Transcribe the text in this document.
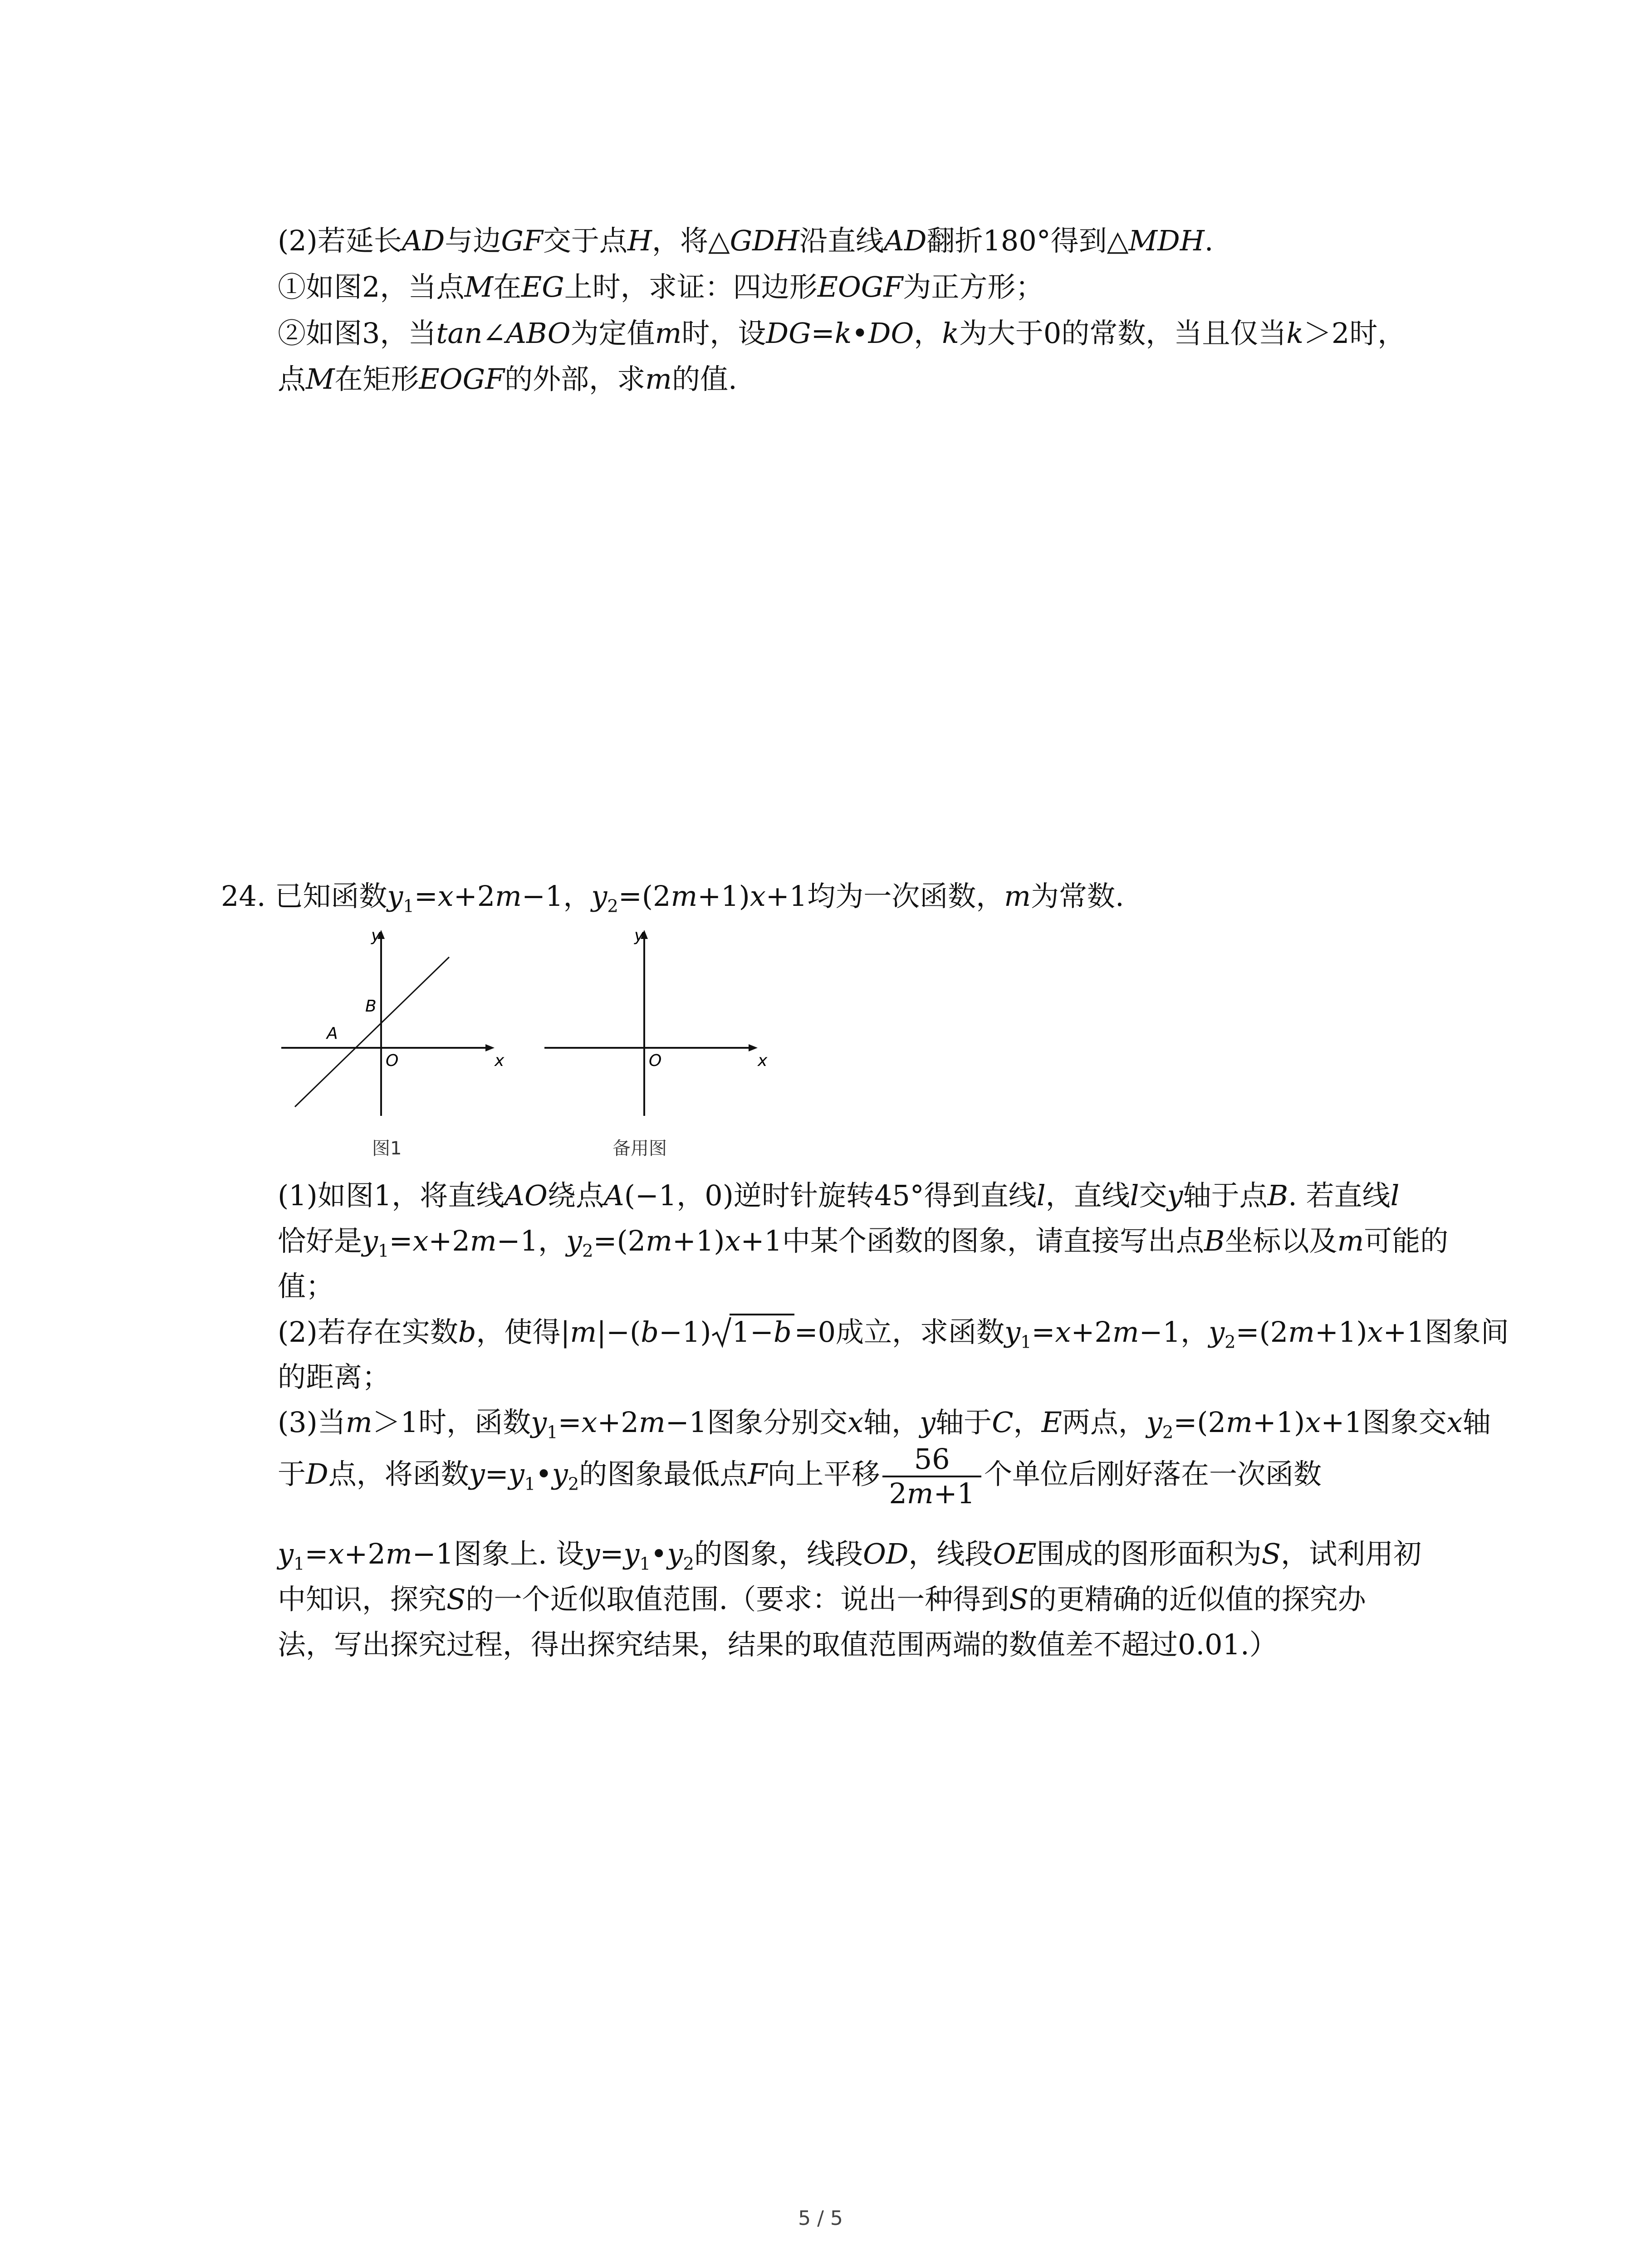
(2)若延长AD与边GF交于点H，将△GDH沿直线AD翻折180°得到△MDH.
①如图2，当点M在EG上时，求证：四边形EOGF为正方形；
②如图3，当tan∠ABO为定值m时，设DG=k•DO，k为大于0的常数，当且仅当k＞2时，
点M在矩形EOGF的外部，求m的值.
24. 已知函数$y_1=x+2m-1$，$y_2=(2m+1)x+1$均为一次函数，m为常数.
y
x
O
A
B
图1
y
x
O
备用图
(1)如图1，将直线AO绕点A(−1，0)逆时针旋转45°得到直线l，直线l交y轴于点B. 若直线l
恰好是$y_1=x+2m-1$，$y_2=(2m+1)x+1$中某个函数的图象，请直接写出点B坐标以及m可能的
值；
(2)若存在实数b，使得|m|−(b−1) 1−b=0成立，求函数$y_1=x+2m-1$，$y_2=(2m+1)x+1$图象间
的距离；
(3)当m＞1时，函数$y_1=x+2m-1$图象分别交x轴，y轴于C，E两点，$y_2=(2m+1)x+1$图象交x轴
于D点，将函数$y=y_1•y_2$的图象最低点F向上平移 $\frac{56}{2m+1}$ 个单位后刚好落在一次函数
$y_1=x+2m-1$图象上. 设$y=y_1•y_2$的图象，线段OD，线段OE围成的图形面积为S，试利用初
中知识，探究S的一个近似取值范围.（要求：说出一种得到S的更精确的近似值的探究办
法，写出探究过程，得出探究结果，结果的取值范围两端的数值差不超过0.01.）
5 / 5
